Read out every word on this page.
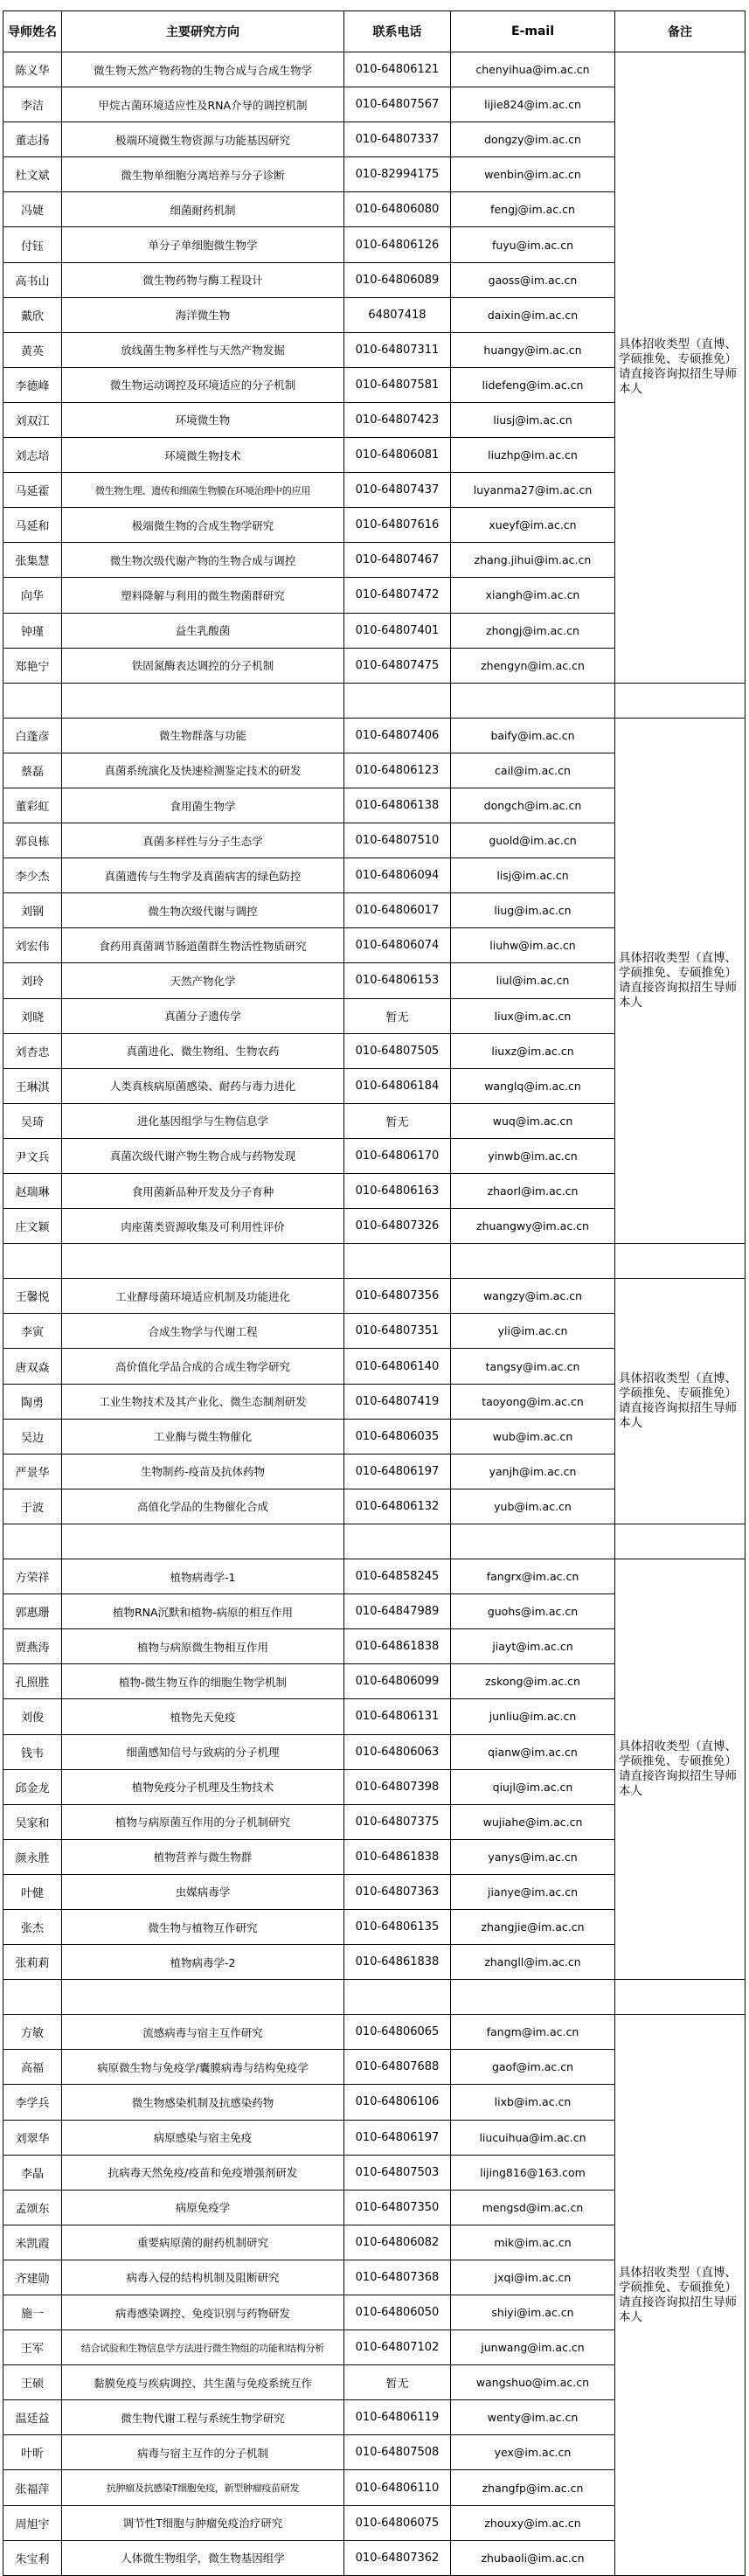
导师姓名	主要研究方向	联系电话	E-mail	备注
陈义华	微生物天然产物药物的生物合成与合成生物学	010-64806121	chenyihua@im.ac.cn	具体招收类型（直博、学硕推免、专硕推免）请直接咨询拟招生导师本人
李洁	甲烷古菌环境适应性及RNA介导的调控机制	010-64807567	lijie824@im.ac.cn	
董志扬	极端环境微生物资源与功能基因研究	010-64807337	dongzy@im.ac.cn	
杜文斌	微生物单细胞分离培养与分子诊断	010-82994175	wenbin@im.ac.cn	
冯婕	细菌耐药机制	010-64806080	fengj@im.ac.cn	
付钰	单分子单细胞微生物学	010-64806126	fuyu@im.ac.cn	
高书山	微生物药物与酶工程设计	010-64806089	gaoss@im.ac.cn	
戴欣	海洋微生物	64807418	daixin@im.ac.cn	
黄英	放线菌生物多样性与天然产物发掘	010-64807311	huangy@im.ac.cn	
李德峰	微生物运动调控及环境适应的分子机制	010-64807581	lidefeng@im.ac.cn	
刘双江	环境微生物	010-64807423	liusj@im.ac.cn	
刘志培	环境微生物技术	010-64806081	liuzhp@im.ac.cn	
马延霍	微生物生理、遗传和细菌生物膜在环境治理中的应用	010-64807437	luyanma27@im.ac.cn	
马延和	极端微生物的合成生物学研究	010-64807616	xueyf@im.ac.cn	
张集慧	微生物次级代谢产物的生物合成与调控	010-64807467	zhang.jihui@im.ac.cn	
向华	塑料降解与利用的微生物菌群研究	010-64807472	xiangh@im.ac.cn	
钟瑾	益生乳酸菌	010-64807401	zhongj@im.ac.cn	
郑艳宁	铁固氮酶表达调控的分子机制	010-64807475	zhengyn@im.ac.cn	

白蓬彦	微生物群落与功能	010-64807406	baify@im.ac.cn	具体招收类型（直博、学硕推免、专硕推免）请直接咨询拟招生导师本人
蔡磊	真菌系统演化及快速检测鉴定技术的研发	010-64806123	cail@im.ac.cn	
董彩虹	食用菌生物学	010-64806138	dongch@im.ac.cn	
郭良栋	真菌多样性与分子生态学	010-64807510	guold@im.ac.cn	
李少杰	真菌遗传与生物学及真菌病害的绿色防控	010-64806094	lisj@im.ac.cn	
刘钢	微生物次级代谢与调控	010-64806017	liug@im.ac.cn	
刘宏伟	食药用真菌调节肠道菌群生物活性物质研究	010-64806074	liuhw@im.ac.cn	
刘玲	天然产物化学	010-64806153	liul@im.ac.cn	
刘晓	真菌分子遗传学	暂无	liux@im.ac.cn	
刘杏忠	真菌进化、微生物组、生物农药	010-64807505	liuxz@im.ac.cn	
王琳淇	人类真核病原菌感染、耐药与毒力进化	010-64806184	wanglq@im.ac.cn	
吴琦	进化基因组学与生物信息学	暂无	wuq@im.ac.cn	
尹文兵	真菌次级代谢产物生物合成与药物发现	010-64806170	yinwb@im.ac.cn	
赵瑞琳	食用菌新品种开发及分子育种	010-64806163	zhaorl@im.ac.cn	
庄文颖	肉座菌类资源收集及可利用性评价	010-64807326	zhuangwy@im.ac.cn	

王馨悦	工业酵母菌环境适应机制及功能进化	010-64807356	wangzy@im.ac.cn	具体招收类型（直博、学硕推免、专硕推免）请直接咨询拟招生导师本人
李寅	合成生物学与代谢工程	010-64807351	yli@im.ac.cn	
唐双焱	高价值化学品合成的合成生物学研究	010-64806140	tangsy@im.ac.cn	
陶勇	工业生物技术及其产业化、微生态制剂研发	010-64807419	taoyong@im.ac.cn	
吴边	工业酶与微生物催化	010-64806035	wub@im.ac.cn	
严景华	生物制药-疫苗及抗体药物	010-64806197	yanjh@im.ac.cn	
于波	高值化学品的生物催化合成	010-64806132	yub@im.ac.cn	

方荣祥	植物病毒学-1	010-64858245	fangrx@im.ac.cn	具体招收类型（直博、学硕推免、专硕推免）请直接咨询拟招生导师本人
郭惠珊	植物RNA沉默和植物-病原的相互作用	010-64847989	guohs@im.ac.cn	
贾燕涛	植物与病原微生物相互作用	010-64861838	jiayt@im.ac.cn	
孔照胜	植物-微生物互作的细胞生物学机制	010-64806099	zskong@im.ac.cn	
刘俊	植物先天免疫	010-64806131	junliu@im.ac.cn	
钱韦	细菌感知信号与致病的分子机理	010-64806063	qianw@im.ac.cn	
邱金龙	植物免疫分子机理及生物技术	010-64807398	qiujl@im.ac.cn	
吴家和	植物与病原菌互作用的分子机制研究	010-64807375	wujiahe@im.ac.cn	
颜永胜	植物营养与微生物群	010-64861838	yanys@im.ac.cn	
叶健	虫媒病毒学	010-64807363	jianye@im.ac.cn	
张杰	微生物与植物互作研究	010-64806135	zhangjie@im.ac.cn	
张莉莉	植物病毒学-2	010-64861838	zhangll@im.ac.cn	

方敏	流感病毒与宿主互作研究	010-64806065	fangm@im.ac.cn	具体招收类型（直博、学硕推免、专硕推免）请直接咨询拟招生导师本人
高福	病原微生物与免疫学/囊膜病毒与结构免疫学	010-64807688	gaof@im.ac.cn	
李学兵	微生物感染机制及抗感染药物	010-64806106	lixb@im.ac.cn	
刘翠华	病原感染与宿主免疫	010-64806197	liucuihua@im.ac.cn	
李晶	抗病毒天然免疫/疫苗和免疫增强剂研发	010-64807503	lijing816@163.com	
孟颂东	病原免疫学	010-64807350	mengsd@im.ac.cn	
米凯霞	重要病原菌的耐药机制研究	010-64806082	mik@im.ac.cn	
齐建勋	病毒入侵的结构机制及阻断研究	010-64807368	jxqi@im.ac.cn	
施一	病毒感染调控、免疫识别与药物研发	010-64806050	shiyi@im.ac.cn	
王军	结合试验和生物信息学方法进行微生物组的功能和结构分析	010-64807102	junwang@im.ac.cn	
王硕	黏膜免疫与疾病调控、共生菌与免疫系统互作	暂无	wangshuo@im.ac.cn	
温廷益	微生物代谢工程与系统生物学研究	010-64806119	wenty@im.ac.cn	
叶昕	病毒与宿主互作的分子机制	010-64807508	yex@im.ac.cn	
张福萍	抗肿瘤及抗感染T细胞免疫，新型肿瘤疫苗研发	010-64806110	zhangfp@im.ac.cn	
周旭宇	调节性T细胞与肿瘤免疫治疗研究	010-64806075	zhouxy@im.ac.cn	
朱宝利	人体微生物组学，微生物基因组学	010-64807362	zhubaoli@im.ac.cn	
